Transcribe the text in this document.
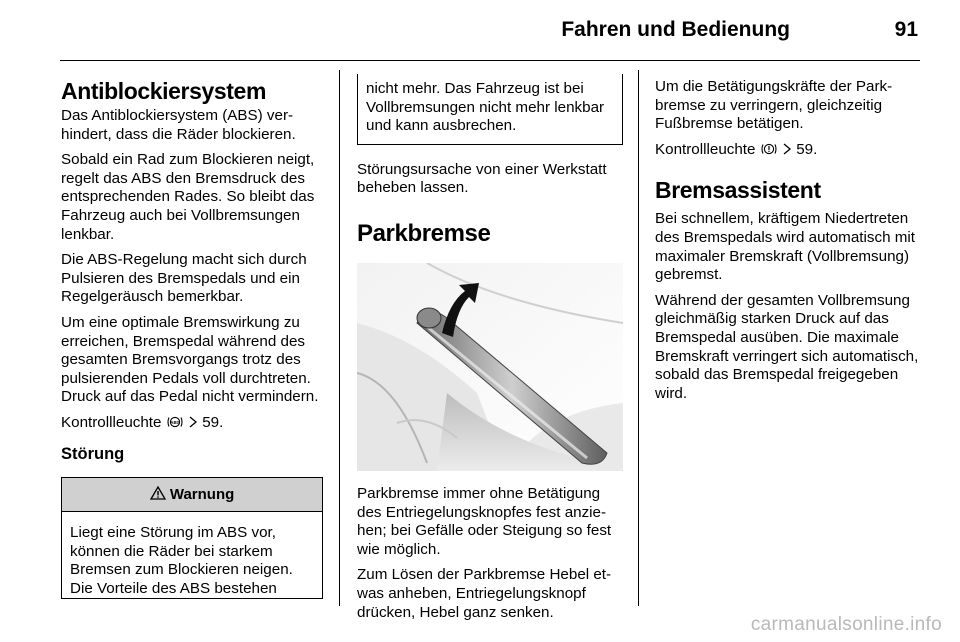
Fahren und Bedienung	91
Antiblockiersystem

Das Antiblockiersystem (ABS) verhindert, dass die Räder blockieren.

Sobald ein Rad zum Blockieren neigt, regelt das ABS den Bremsdruck des entsprechenden Rades. So bleibt das Fahrzeug auch bei Vollbremsungen lenkbar.

Die ABS-Regelung macht sich durch Pulsieren des Bremspedals und ein Regelgeräusch bemerkbar.

Um eine optimale Bremswirkung zu erreichen, Bremspedal während des gesamten Bremsvorgangs trotz des pulsierenden Pedals voll durchtreten. Druck auf das Pedal nicht vermindern.

Kontrollleuchte ABS 59.

Störung
Warnung
Liegt eine Störung im ABS vor, können die Räder bei starkem Bremsen zum Blockieren neigen. Die Vorteile des ABS bestehen
nicht mehr. Das Fahrzeug ist bei Vollbremsungen nicht mehr lenkbar und kann ausbrechen.

Störungsursache von einer Werkstatt beheben lassen.

Parkbremse

Parkbremse immer ohne Betätigung des Entriegelungsknopfes fest anziehen; bei Gefälle oder Steigung so fest wie möglich.

Zum Lösen der Parkbremse Hebel etwas anheben, Entriegelungsknopf drücken, Hebel ganz senken.

Um die Betätigungskräfte der Parkbremse zu verringern, gleichzeitig Fußbremse betätigen.

Kontrollleuchte	59.

Bremsassistent

Bei schnellem, kräftigem Niedertreten des Bremspedals wird automatisch mit maximaler Bremskraft (Vollbremsung) gebremst.

Während der gesamten Vollbremsung gleichmäßig starken Druck auf das Bremspedal ausüben. Die maximale Bremskraft verringert sich automatisch, sobald das Bremspedal freigegeben wird.

carmanualsonline.info
